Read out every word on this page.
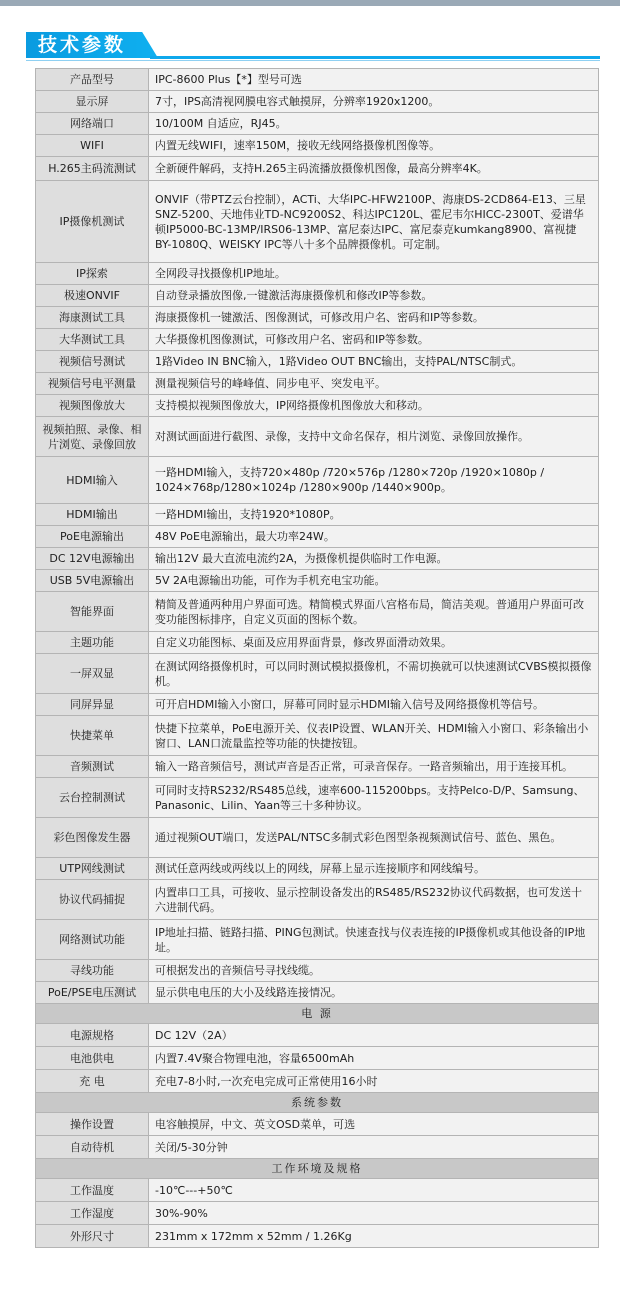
技术参数
产品型号	IPC-8600 Plus【*】型号可选
显示屏	7寸，IPS高清视网膜电容式触摸屏，分辨率1920x1200。
网络端口	10/100M 自适应，RJ45。
WIFI	内置无线WIFI，速率150M，接收无线网络摄像机图像等。
H.265主码流测试	全新硬件解码，支持H.265主码流播放摄像机图像，最高分辨率4K。
IP摄像机测试	ONVIF（带PTZ云台控制），ACTi、大华IPC-HFW2100P、海康DS-2CD864-E13、三星SNZ-5200、天地伟业TD-NC9200S2、科达IPC120L、霍尼韦尔HICC-2300T、爱谱华顿IP5000-BC-13MP/IRS06-13MP、富尼泰达IPC、富尼泰克kumkang8900、富视捷BY-1080Q、WEISKY IPC等八十多个品牌摄像机。可定制。
IP探索	全网段寻找摄像机IP地址。
极速ONVIF	自动登录播放图像,一键激活海康摄像机和修改IP等参数。
海康测试工具	海康摄像机一键激活、图像测试，可修改用户名、密码和IP等参数。
大华测试工具	大华摄像机图像测试，可修改用户名、密码和IP等参数。
视频信号测试	1路Video IN BNC输入，1路Video OUT BNC输出，支持PAL/NTSC制式。
视频信号电平测量	测量视频信号的峰峰值、同步电平、突发电平。
视频图像放大	支持模拟视频图像放大，IP网络摄像机图像放大和移动。
视频拍照、录像、相片浏览、录像回放	对测试画面进行截图、录像，支持中文命名保存，相片浏览、录像回放操作。
HDMI输入	一路HDMI输入，支持720×480p /720×576p /1280×720p /1920×1080p / 1024×768p/1280×1024p /1280×900p /1440×900p。
HDMI输出	一路HDMI输出，支持1920*1080P。
PoE电源输出	48V PoE电源输出，最大功率24W。
DC 12V电源输出	输出12V 最大直流电流约2A，为摄像机提供临时工作电源。
USB 5V电源输出	5V 2A电源输出功能，可作为手机充电宝功能。
智能界面	精简及普通两种用户界面可选。精简模式界面八宫格布局，简洁美观。普通用户界面可改变功能图标排序，自定义页面的图标个数。
主题功能	自定义功能图标、桌面及应用界面背景，修改界面滑动效果。
一屏双显	在测试网络摄像机时，可以同时测试模拟摄像机，不需切换就可以快速测试CVBS模拟摄像机。
同屏异显	可开启HDMI输入小窗口，屏幕可同时显示HDMI输入信号及网络摄像机等信号。
快捷菜单	快捷下拉菜单，PoE电源开关、仪表IP设置、WLAN开关、HDMI输入小窗口、彩条输出小窗口、LAN口流量监控等功能的快捷按钮。
音频测试	输入一路音频信号，测试声音是否正常，可录音保存。一路音频输出，用于连接耳机。
云台控制测试	可同时支持RS232/RS485总线，速率600-115200bps。支持Pelco-D/P、Samsung、Panasonic、Lilin、Yaan等三十多种协议。
彩色图像发生器	通过视频OUT端口，发送PAL/NTSC多制式彩色图型条视频测试信号、蓝色、黑色。
UTP网线测试	测试任意两线或两线以上的网线，屏幕上显示连接顺序和网线编号。
协议代码捕捉	内置串口工具，可接收、显示控制设备发出的RS485/RS232协议代码数据，也可发送十六进制代码。
网络测试功能	IP地址扫描、链路扫描、PING包测试。快速查找与仪表连接的IP摄像机或其他设备的IP地址。
寻线功能	可根据发出的音频信号寻找线缆。
PoE/PSE电压测试	显示供电电压的大小及线路连接情况。
电 源	
电源规格	DC 12V（2A）
电池供电	内置7.4V聚合物锂电池，容量6500mAh
充 电	充电7-8小时,一次充电完成可正常使用16小时
系统参数	
操作设置	电容触摸屏，中文、英文OSD菜单，可选
自动待机	关闭/5-30分钟
工作环境及规格	
工作温度	-10℃---+50℃
工作湿度	30%-90%
外形尺寸	231mm x 172mm x 52mm / 1.26Kg
